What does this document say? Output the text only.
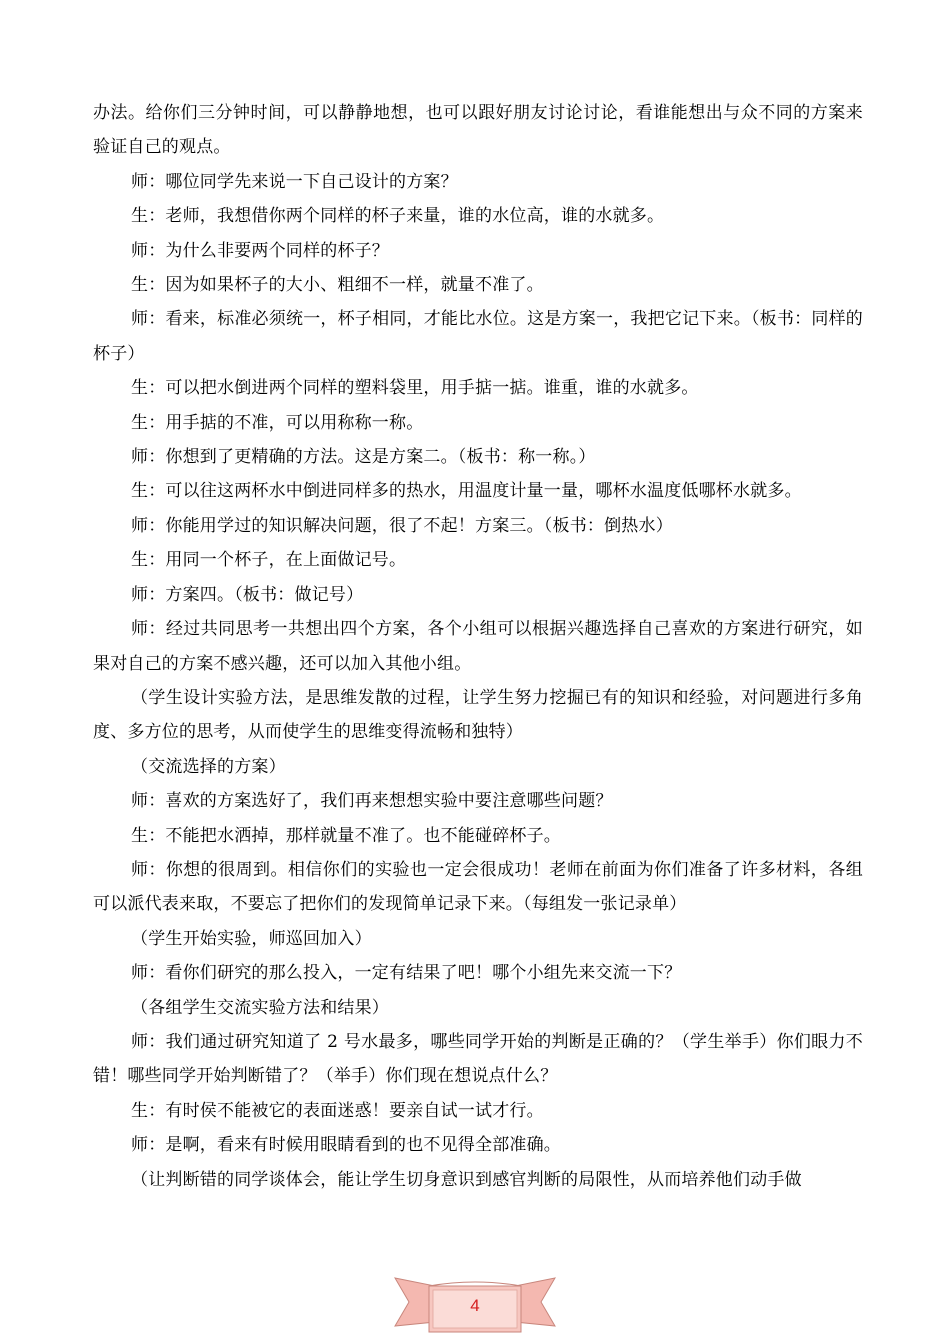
办法。给你们三分钟时间，可以静静地想，也可以跟好朋友讨论讨论，看谁能想出与众不同的方案来验证自己的观点。

师：哪位同学先来说一下自己设计的方案？

生：老师，我想借你两个同样的杯子来量，谁的水位高，谁的水就多。

师：为什么非要两个同样的杯子？

生：因为如果杯子的大小、粗细不一样，就量不准了。

师：看来，标准必须统一，杯子相同，才能比水位。这是方案一，我把它记下来。（板书：同样的杯子）

生：可以把水倒进两个同样的塑料袋里，用手掂一掂。谁重，谁的水就多。

生：用手掂的不准，可以用称称一称。

师：你想到了更精确的方法。这是方案二。（板书：称一称。）

生：可以往这两杯水中倒进同样多的热水，用温度计量一量，哪杯水温度低哪杯水就多。

师：你能用学过的知识解决问题，很了不起！方案三。（板书：倒热水）

生：用同一个杯子，在上面做记号。

师：方案四。（板书：做记号）

师：经过共同思考一共想出四个方案，各个小组可以根据兴趣选择自己喜欢的方案进行研究，如果对自己的方案不感兴趣，还可以加入其他小组。

（学生设计实验方法，是思维发散的过程，让学生努力挖掘已有的知识和经验，对问题进行多角度、多方位的思考，从而使学生的思维变得流畅和独特）

（交流选择的方案）

师：喜欢的方案选好了，我们再来想想实验中要注意哪些问题？

生：不能把水洒掉，那样就量不准了。也不能碰碎杯子。

师：你想的很周到。相信你们的实验也一定会很成功！老师在前面为你们准备了许多材料，各组可以派代表来取，不要忘了把你们的发现简单记录下来。（每组发一张记录单）

（学生开始实验，师巡回加入）

师：看你们研究的那么投入，一定有结果了吧！哪个小组先来交流一下？

（各组学生交流实验方法和结果）

师：我们通过研究知道了 2 号水最多，哪些同学开始的判断是正确的？（学生举手）你们眼力不错！哪些同学开始判断错了？（举手）你们现在想说点什么？

生：有时侯不能被它的表面迷惑！要亲自试一试才行。

师：是啊，看来有时候用眼睛看到的也不见得全部准确。

（让判断错的同学谈体会，能让学生切身意识到感官判断的局限性，从而培养他们动手做

4
